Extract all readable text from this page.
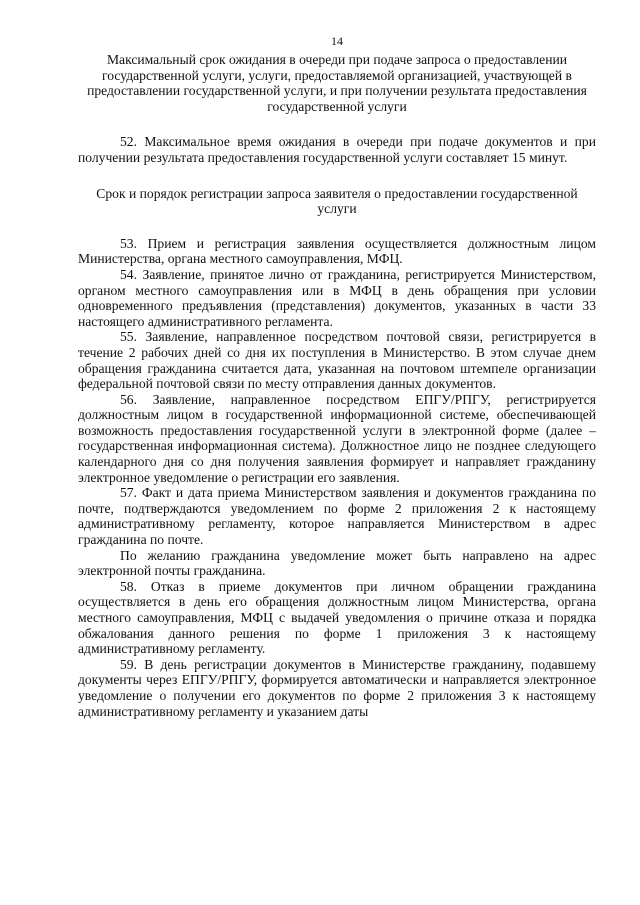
14

Максимальный срок ожидания в очереди при подаче запроса о предоставлении государственной услуги, услуги, предоставляемой организацией, участвующей в предоставлении государственной услуги, и при получении результата предоставления государственной услуги

52. Максимальное время ожидания в очереди при подаче документов и при получении результата предоставления государственной услуги составляет 15 минут.

Срок и порядок регистрации запроса заявителя о предоставлении государственной услуги

53. Прием и регистрация заявления осуществляется должностным лицом Министерства, органа местного самоуправления, МФЦ.

54. Заявление, принятое лично от гражданина, регистрируется Министерством, органом местного самоуправления или в МФЦ в день обращения при условии одновременного предъявления (представления) документов, указанных в части 33 настоящего административного регламента.

55. Заявление, направленное посредством почтовой связи, регистрируется в течение 2 рабочих дней со дня их поступления в Министерство. В этом случае днем обращения гражданина считается дата, указанная на почтовом штемпеле организации федеральной почтовой связи по месту отправления данных документов.

56. Заявление, направленное посредством ЕПГУ/РПГУ, регистрируется должностным лицом в государственной информационной системе, обеспечивающей возможность предоставления государственной услуги в электронной форме (далее – государственная информационная система). Должностное лицо не позднее следующего календарного дня со дня получения заявления формирует и направляет гражданину электронное уведомление о регистрации его заявления.

57. Факт и дата приема Министерством заявления и документов гражданина по почте, подтверждаются уведомлением по форме 2 приложения 2 к настоящему административному регламенту, которое направляется Министерством в адрес гражданина по почте.

По желанию гражданина уведомление может быть направлено на адрес электронной почты гражданина.

58. Отказ в приеме документов при личном обращении гражданина осуществляется в день его обращения должностным лицом Министерства, органа местного самоуправления, МФЦ с выдачей уведомления о причине отказа и порядка обжалования данного решения по форме 1 приложения 3 к настоящему административному регламенту.

59. В день регистрации документов в Министерстве гражданину, подавшему документы через ЕПГУ/РПГУ, формируется автоматически и направляется электронное уведомление о получении его документов по форме 2 приложения 3 к настоящему административному регламенту и указанием даты
